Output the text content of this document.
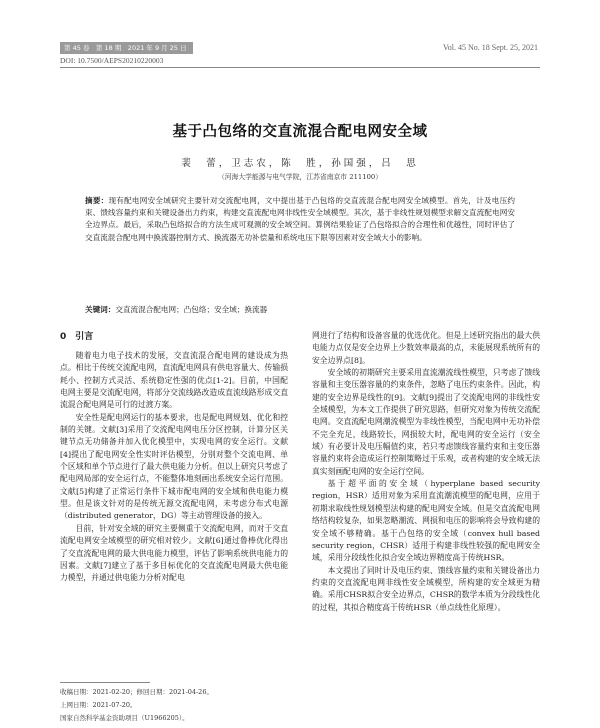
第 45 卷　第 18 期　2021 年 9 月 25 日	Vol. 45 No. 18 Sept. 25, 2021
DOI: 10.7500/AEPS20210220003
基于凸包络的交直流混合配电网安全域
裴　蕾，卫志农，陈　胜，孙国强，吕　思
（河海大学能源与电气学院，江苏省南京市 211100）
摘要：现有配电网安全域研究主要针对交流配电网，文中提出基于凸包络的交直流混合配电网安全域模型。首先，计及电压约束、馈线容量约束和关键设备出力约束，构建交直流配电网非线性安全域模型。其次，基于非线性规划模型求解交直流配电网安全边界点。最后，采取凸包络拟合的方法生成可观测的安全域空间。算例结果验证了凸包络拟合的合理性和优越性，同时评估了交直流混合配电网中换流器控制方式、换流器无功补偿量和系统电压下限等因素对安全域大小的影响。
关键词：交直流混合配电网；凸包络；安全域；换流器
0　引言

随着电力电子技术的发展，交直流混合配电网的建设成为热点。相比于传统交流配电网，直流配电网具有供电容量大、传输损耗小、控制方式灵活、系统稳定性强的优点[1-2]。目前，中国配电网主要是交流配电网，将部分交流线路改造成直流线路形成交直流混合配电网是可行的过渡方案。

安全性是配电网运行的基本要求，也是配电网规划、优化和控制的关键。文献[3]采用了交流配电网电压分区控制，计算分区关键节点无功储备并加入优化模型中，实现电网的安全运行。文献[4]提出了配电网安全性实时评估模型，分别对整个交流电网、单个区域和单个节点进行了最大供电能力分析。但以上研究只考虑了配电网局部的安全运行点，不能整体地刻画出系统安全运行范围。文献[5]构建了正常运行条件下城市配电网的安全域和供电能力模型。但是该文针对的是传统无源交流配电网，未考虑分布式电源（distributed generator，DG）等主动管理设备的接入。

目前，针对安全域的研究主要侧重于交流配电网，而对于交直流配电网安全域模型的研究相对较少。文献[6]通过鲁棒优化得出了交直流配电网的最大供电能力模型，评估了影响系统供电能力的因素。文献[7]建立了基于多目标优化的交直流配电网最大供电能力模型，并通过供电能力分析对配电

网进行了结构和设备容量的优选优化。但是上述研究指出的最大供电能力点仅是安全边界上少数效率最高的点，未能展现系统所有的安全边界点[8]。

安全域的初期研究主要采用直流潮流线性模型，只考虑了馈线容量和主变压器容量的约束条件，忽略了电压约束条件。因此，构建的安全边界是线性的[9]。文献[9]提出了交流配电网的非线性安全域模型，为本文工作提供了研究思路，但研究对象为传统交流配电网。交直流配电网潮流模型为非线性模型，当配电网中无功补偿不完全充足，线路较长，网损较大时，配电网的安全运行（安全域）有必要计及电压幅值约束，若只考虑馈线容量约束和主变压器容量约束将会造成运行控制策略过于乐观，或者构建的安全域无法真实刻画配电网的安全运行空间。

基于超平面的安全域（hyperplane based security region，HSR）适用对象为采用直流潮流模型的配电网，应用于初期求取线性规划模型法构建的配电网安全域。但是交直流配电网络结构较复杂，如果忽略潮流、网损和电压的影响将会导致构建的安全域不够精确。基于凸包络的安全域（convex hull based security region，CHSR）适用于构建非线性较强的配电网安全域，采用分段线性化拟合安全域边界精度高于传统HSR。

本文提出了同时计及电压约束、馈线容量约束和关键设备出力约束的交直流配电网非线性安全域模型，所构建的安全域更为精确。采用CHSR拟合安全边界点，CHSR的数学本质为分段线性化的过程，其拟合精度高于传统HSR（单点线性化原理）。

收稿日期：2021-02-20；修回日期：2021-04-26。
上网日期：2021-07-20。
国家自然科学基金资助项目（U1966205）。
